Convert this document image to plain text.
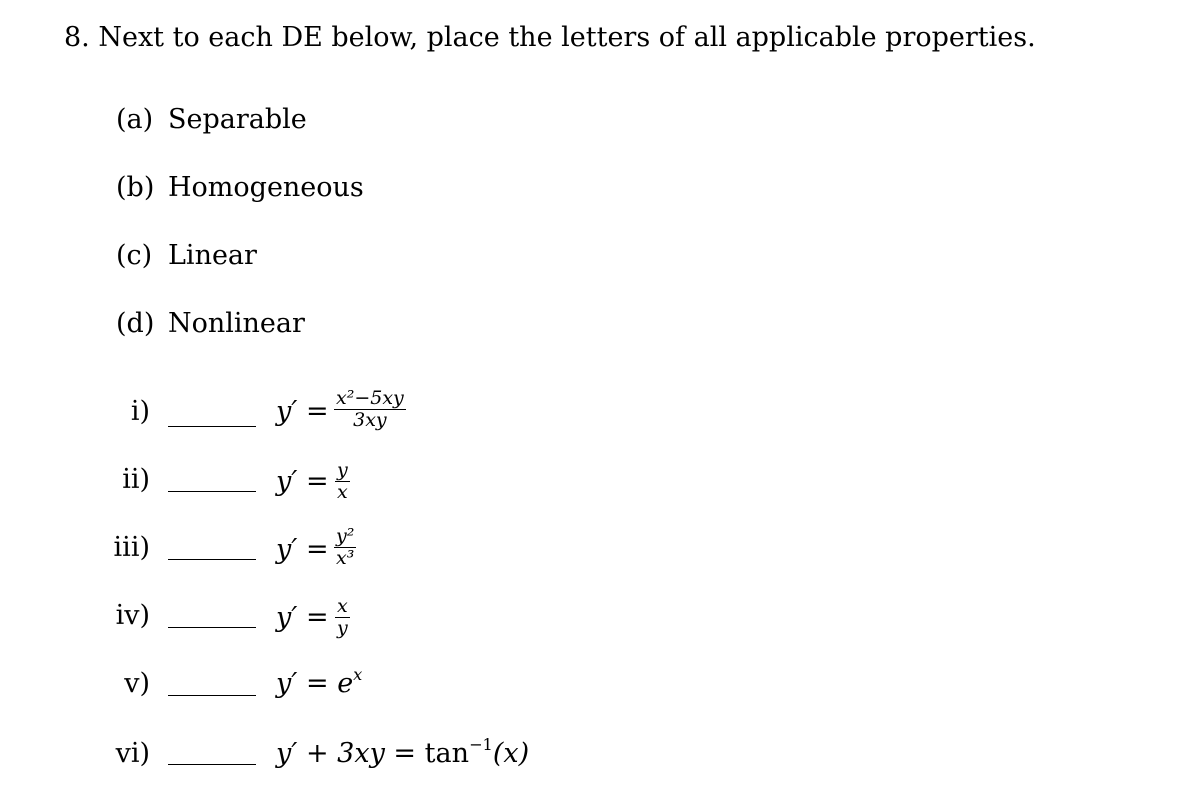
8. Next to each DE below, place the letters of all applicable properties.
(a) Separable
(b) Homogeneous
(c) Linear
(d) Nonlinear
i)	y′ = x²−5xy
3xy
ii)	y′ = y
x
iii)	y′ = y²
x³
iv)	y′ = x
y
v)	$y' = e^x$
vi)	$y' + 3xy = \tan^{-1}(x)$
